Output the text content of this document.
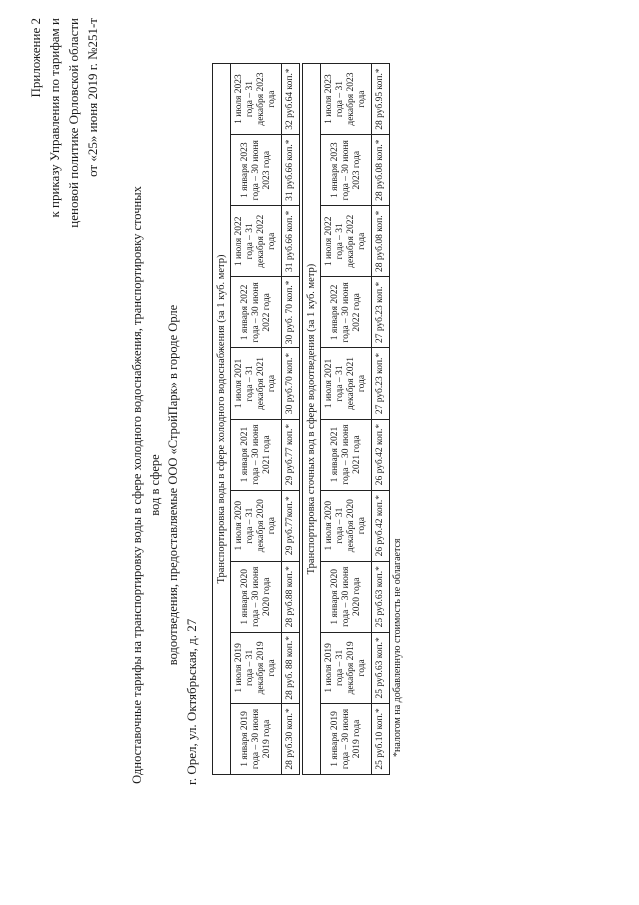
Приложение 2 к приказу Управления по тарифам и ценовой политике Орловской области от «25» июня 2019 г. №251-т
Одноставочные тарифы на транспортировку воды в сфере холодного водоснабжения, транспортировку сточных вод в сфере водоотведения, предоставляемые ООО «СтройПарк» в городе Орле
г. Орел, ул. Октябрьская, д. 27
Транспортировка воды в сфере холодного водоснабжения (за 1 куб. метр)									
1 января 2019 года – 30 июня 2019 года	1 июля 2019 года – 31 декабря 2019 года	1 января 2020 года – 30 июня 2020 года	1 июля 2020 года – 31 декабря 2020 года	1 января 2021 года – 30 июня 2021 года	1 июля 2021 года – 31 декабря 2021 года	1 января 2022 года – 30 июня 2022 года	1 июля 2022 года – 31 декабря 2022 года	1 января 2023 года – 30 июня 2023 года	1 июля 2023 года – 31 декабря 2023 года
28 руб.30 коп.*	28 руб. 88 коп.*	28 руб.88 коп.*	29 руб.77коп.*	29 руб.77 коп.*	30 руб.70 коп.*	30 руб. 70 коп.*	31 руб.66 коп.*	31 руб.66 коп.*	32 руб.64 коп.*
Транспортировка сточных вод в сфере водоотведения (за 1 куб. метр)									
1 января 2019 года – 30 июня 2019 года	1 июля 2019 года – 31 декабря 2019 года	1 января 2020 года – 30 июня 2020 года	1 июля 2020 года – 31 декабря 2020 года	1 января 2021 года – 30 июня 2021 года	1 июля 2021 года – 31 декабря 2021 года	1 января 2022 года – 30 июня 2022 года	1 июля 2022 года – 31 декабря 2022 года	1 января 2023 года – 30 июня 2023 года	1 июля 2023 года – 31 декабря 2023 года
25 руб.10 коп.*	25 руб.63 коп.*	25 руб.63 коп.*	26 руб.42 коп.*	26 руб.42 коп.*	27 руб.23 коп.*	27 руб.23 коп.*	28 руб.08 коп.*	28 руб.08 коп.*	28 руб.95 коп.*
*налогом на добавленную стоимость не облагается
